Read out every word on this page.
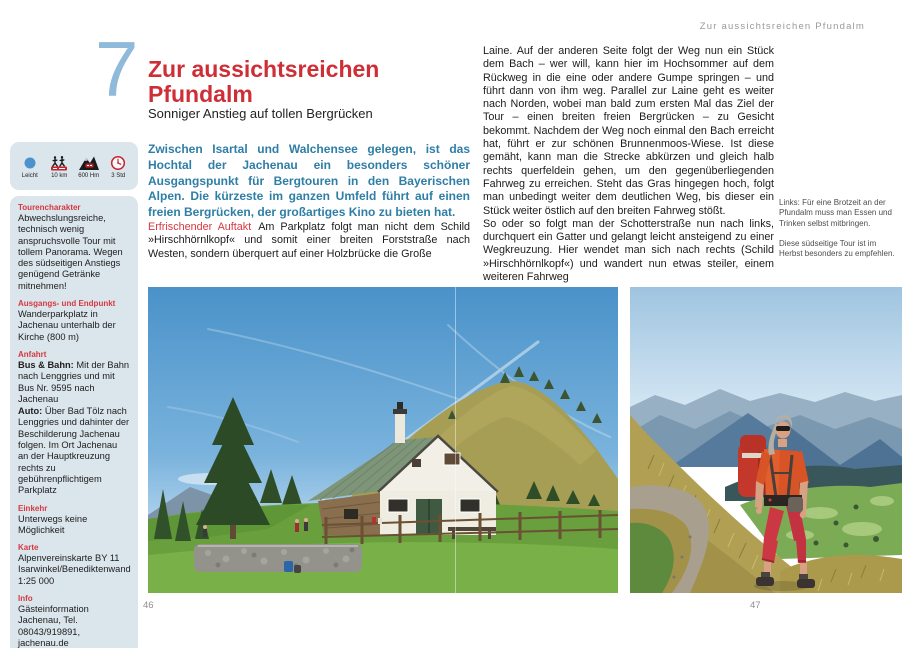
Zur aussichtsreichen Pfundalm
7 Zur aussichtsreichen
Pfundalm
Sonniger Anstieg auf tollen Bergrücken
Leicht 10 km 600 Hm 3 Std
Tourencharakter

Abwechslungsreiche, technisch wenig anspruchsvolle Tour mit tollem Panorama. Wegen des südseitigen Anstiegs genügend Getränke mitnehmen!

Ausgangs- und Endpunkt

Wanderparkplatz in Jachenau unterhalb der Kirche (800 m)

Anfahrt

Bus & Bahn: Mit der Bahn nach Lenggries und mit Bus Nr. 9595 nach Jachenau

Auto: Über Bad Tölz nach Lenggries und dahinter der Beschilderung Jachenau folgen. Im Ort Jachenau an der Hauptkreuzung rechts zu gebührenpflichtigem Parkplatz

Einkehr

Unterwegs keine Möglichkeit

Karte

Alpenvereinskarte BY 11 Isarwinkel/Benediktenwand 1:25 000

Info

Gästeinformation Jachenau, Tel. 08043/919891, jachenau.de

Zwischen Isartal und Walchensee gelegen, ist das Hochtal der Jachenau ein besonders schöner Ausgangspunkt für Bergtouren in den Bayerischen Alpen. Die kürzeste im ganzen Umfeld führt auf einen freien Bergrücken, der großartiges Kino zu bieten hat.
Erfrischender Auftakt Am Parkplatz folgt man nicht dem Schild »Hirschhörnlkopf« und somit einer breiten Forststraße nach Westen, sondern überquert auf einer Holzbrücke die Große

Laine. Auf der anderen Seite folgt der Weg nun ein Stück dem Bach – wer will, kann hier im Hochsommer auf dem Rückweg in die eine oder andere Gumpe springen – und führt dann von ihm weg. Parallel zur Laine geht es weiter nach Norden, wobei man bald zum ersten Mal das Ziel der Tour – einen breiten freien Bergrücken – zu Gesicht bekommt. Nachdem der Weg noch einmal den Bach erreicht hat, führt er zur schönen Brunnenmoos-Wiese. Ist diese gemäht, kann man die Strecke abkürzen und gleich halb rechts querfeldein gehen, um den gegenüberliegenden Fahrweg zu erreichen. Steht das Gras hingegen hoch, folgt man unbedingt weiter dem deutlichen Weg, bis dieser ein Stück weiter östlich auf den breiten Fahrweg stößt.

So oder so folgt man der Schotterstraße nun nach links, durchquert ein Gatter und gelangt leicht ansteigend zu einer Wegkreuzung. Hier wendet man sich nach rechts (Schild »Hirschhörnlkopf«) und wandert nun etwas steiler, einem weiteren Fahrweg

Links: Für eine Brotzeit an der Pfundalm muss man Essen und Trinken selbst mitbringen.

Diese südseitige Tour ist im Herbst besonders zu empfehlen.

46	47
